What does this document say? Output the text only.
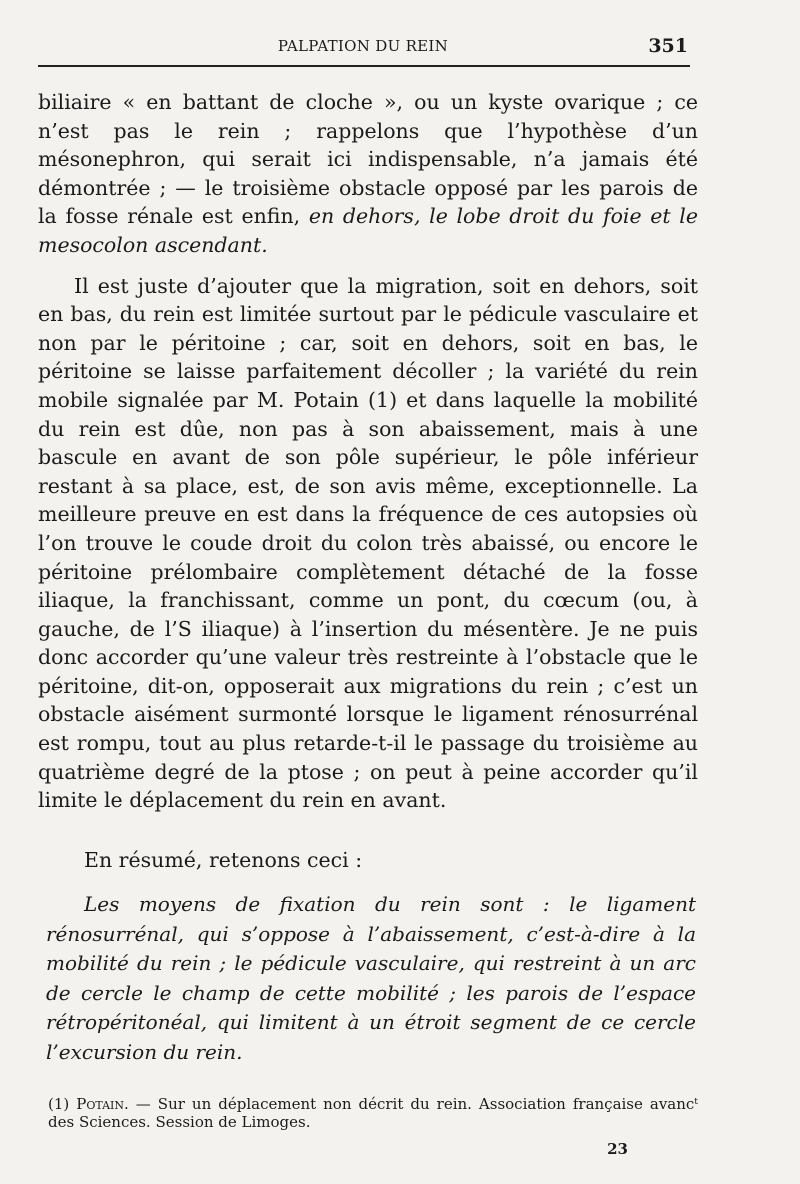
PALPATION DU REIN	351

biliaire « en battant de cloche », ou un kyste ovarique ; ce n’est pas le rein ; rappelons que l’hypothèse d’un mésonephron, qui serait ici indispensable, n’a jamais été démontrée ; — le troisième obstacle opposé par les parois de la fosse rénale est enfin, en dehors, le lobe droit du foie et le mesocolon ascendant.

Il est juste d’ajouter que la migration, soit en dehors, soit en bas, du rein est limitée surtout par le pédicule vasculaire et non par le péritoine ; car, soit en dehors, soit en bas, le péritoine se laisse parfaitement décoller ; la variété du rein mobile signalée par M. Potain (1) et dans laquelle la mobilité du rein est dûe, non pas à son abaissement, mais à une bascule en avant de son pôle supérieur, le pôle inférieur restant à sa place, est, de son avis même, exceptionnelle. La meilleure preuve en est dans la fréquence de ces autopsies où l’on trouve le coude droit du colon très abaissé, ou encore le péritoine prélombaire complètement détaché de la fosse iliaque, la franchissant, comme un pont, du cœcum (ou, à gauche, de l’S iliaque) à l’insertion du mésentère. Je ne puis donc accorder qu’une valeur très restreinte à l’obstacle que le péritoine, dit-on, opposerait aux migrations du rein ; c’est un obstacle aisément surmonté lorsque le ligament rénosurrénal est rompu, tout au plus retarde-t-il le passage du troisième au quatrième degré de la ptose ; on peut à peine accorder qu’il limite le déplacement du rein en avant.

En résumé, retenons ceci :

Les moyens de fixation du rein sont : le ligament rénosurrénal, qui s’oppose à l’abaissement, c’est-à-dire à la mobilité du rein ; le pédicule vasculaire, qui restreint à un arc de cercle le champ de cette mobilité ; les parois de l’espace rétropéritonéal, qui limitent à un étroit segment de ce cercle l’excursion du rein.

(1) Potain. — Sur un déplacement non décrit du rein. Association française avancᵗ des Sciences. Session de Limoges.
23
